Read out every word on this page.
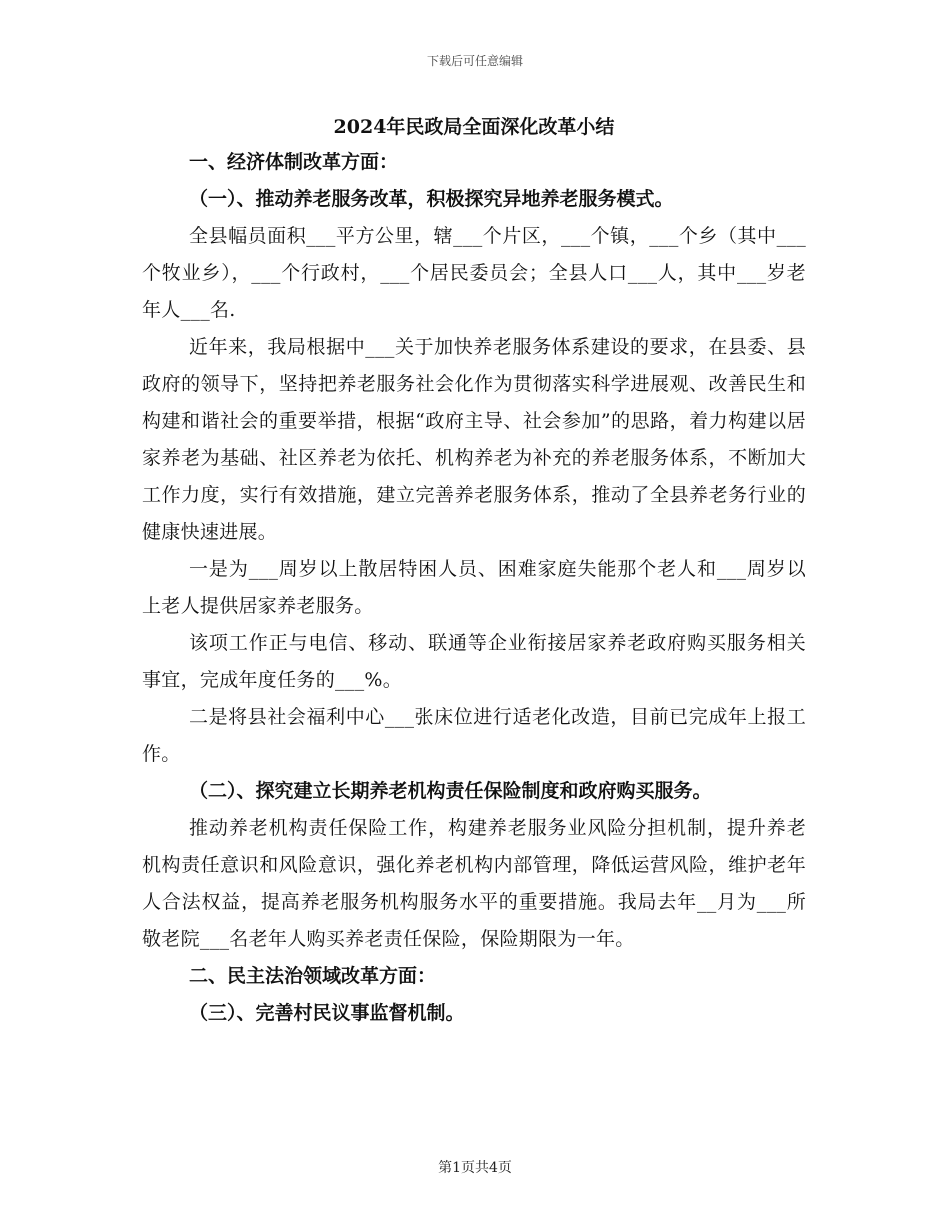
下载后可任意编辑
2024年民政局全面深化改革小结
一、经济体制改革方面：
（一）、推动养老服务改革，积极探究异地养老服务模式。

全县幅员面积___平方公里，辖___个片区，___个镇，___个乡（其中___个牧业乡），___个行政村，___个居民委员会；全县人口___人，其中___岁老年人___名.

近年来，我局根据中___关于加快养老服务体系建设的要求，在县委、县政府的领导下，坚持把养老服务社会化作为贯彻落实科学进展观、改善民生和构建和谐社会的重要举措，根据“政府主导、社会参加”的思路，着力构建以居家养老为基础、社区养老为依托、机构养老为补充的养老服务体系，不断加大工作力度，实行有效措施，建立完善养老服务体系，推动了全县养老务行业的健康快速进展。

一是为___周岁以上散居特困人员、困难家庭失能那个老人和___周岁以上老人提供居家养老服务。

该项工作正与电信、移动、联通等企业衔接居家养老政府购买服务相关事宜，完成年度任务的___%。

二是将县社会福利中心___张床位进行适老化改造，目前已完成年上报工作。

（二）、探究建立长期养老机构责任保险制度和政府购买服务。

推动养老机构责任保险工作，构建养老服务业风险分担机制，提升养老机构责任意识和风险意识，强化养老机构内部管理，降低运营风险，维护老年人合法权益，提高养老服务机构服务水平的重要措施。我局去年__月为___所敬老院___名老年人购买养老责任保险，保险期限为一年。

二、民主法治领域改革方面：
（三）、完善村民议事监督机制。
第1页共4页
